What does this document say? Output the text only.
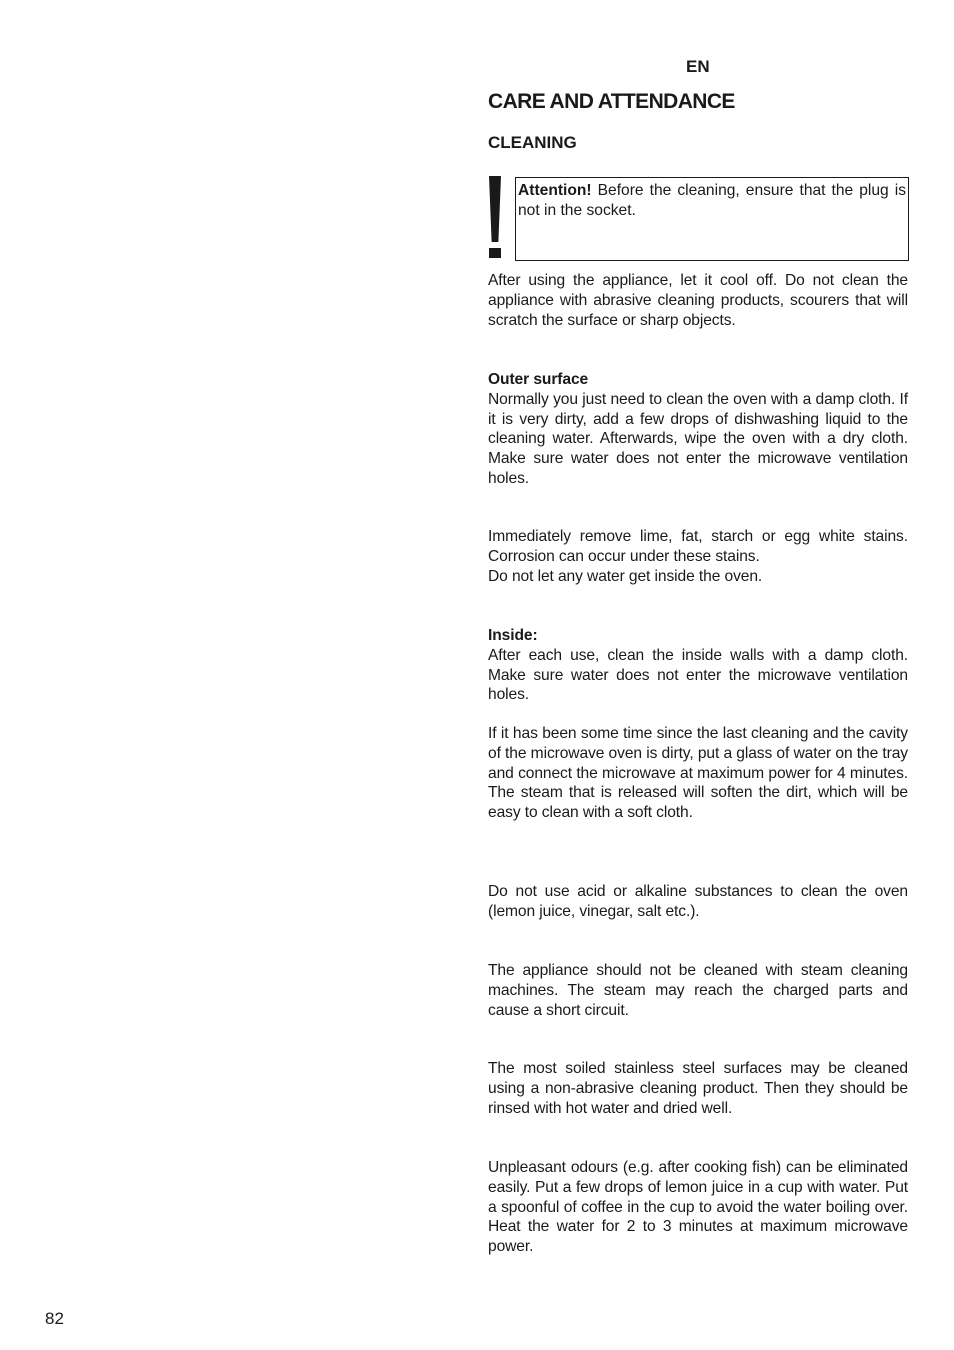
EN
CARE AND ATTENDANCE
CLEANING
Attention! Before the cleaning, ensure that the plug is not in the socket.

After using the appliance, let it cool off. Do not clean the appliance with abrasive cleaning products, scourers that will scratch the surface or sharp objects.

Outer surface

Normally you just need to clean the oven with a damp cloth. If it is very dirty, add a few drops of dishwashing liquid to the cleaning water. Afterwards, wipe the oven with a dry cloth. Make sure water does not enter the microwave ventilation holes.

Immediately remove lime, fat, starch or egg white stains. Corrosion can occur under these stains.

Do not let any water get inside the oven.

Inside:

After each use, clean the inside walls with a damp cloth. Make sure water does not enter the microwave ventilation holes.

If it has been some time since the last cleaning and the cavity of the microwave oven is dirty, put a glass of water on the tray and connect the microwave at maximum power for 4 minutes. The steam that is released will soften the dirt, which will be easy to clean with a soft cloth.

Do not use acid or alkaline substances to clean the oven (lemon juice, vinegar, salt etc.).

The appliance should not be cleaned with steam cleaning machines. The steam may reach the charged parts and cause a short circuit.

The most soiled stainless steel surfaces may be cleaned using a non-abrasive cleaning product. Then they should be rinsed with hot water and dried well.

Unpleasant odours (e.g. after cooking fish) can be eliminated easily. Put a few drops of lemon juice in a cup with water. Put a spoonful of coffee in the cup to avoid the water boiling over. Heat the water for 2 to 3 minutes at maximum microwave power.

82
